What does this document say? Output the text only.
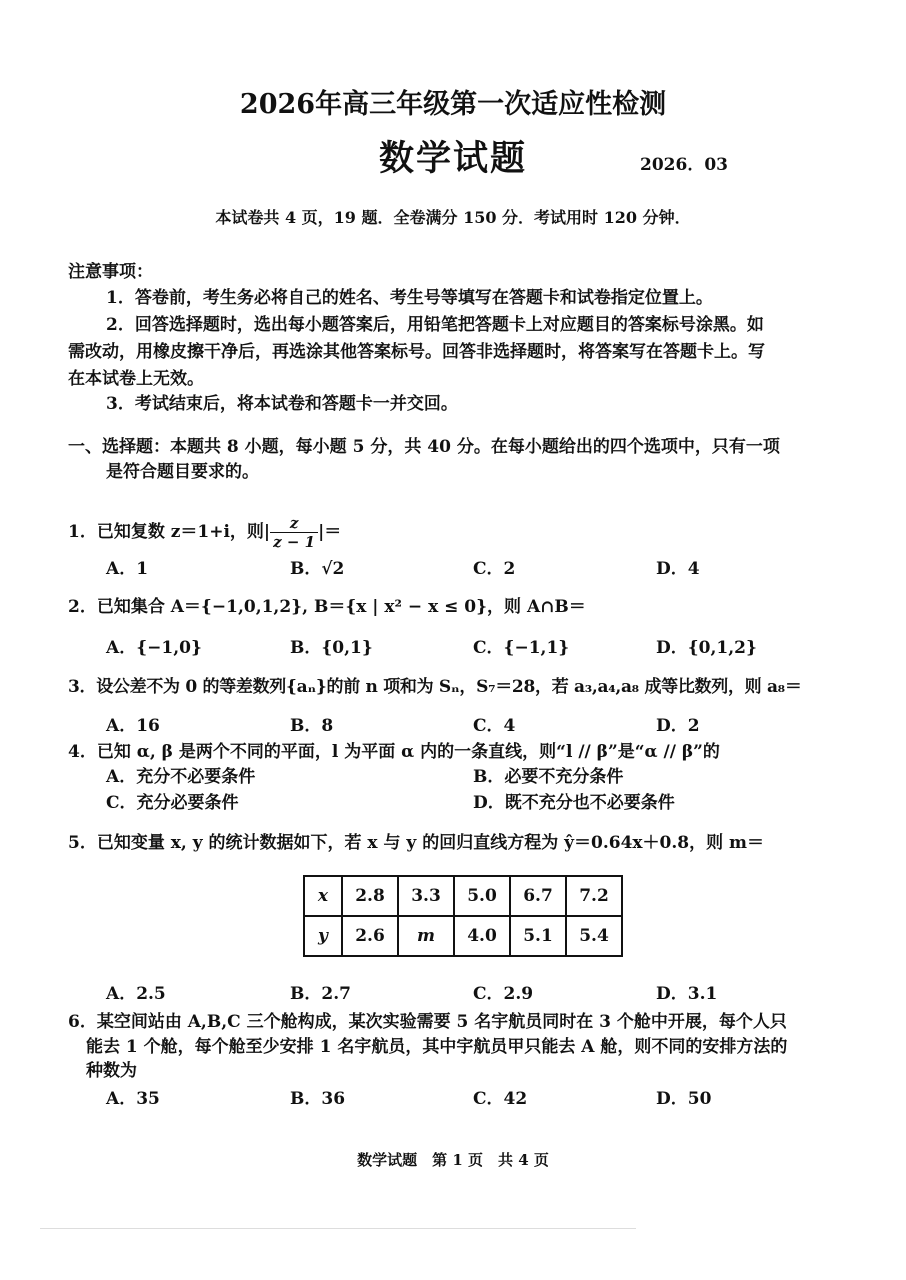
2026年高三年级第一次适应性检测
数学试题	2026．03
本试卷共 4 页，19 题．全卷满分 150 分．考试用时 120 分钟．
注意事项：
1．答卷前，考生务必将自己的姓名、考生号等填写在答题卡和试卷指定位置上。
2．回答选择题时，选出每小题答案后，用铅笔把答题卡上对应题目的答案标号涂黑。如
需改动，用橡皮擦干净后，再选涂其他答案标号。回答非选择题时，将答案写在答题卡上。写
在本试卷上无效。
3．考试结束后，将本试卷和答题卡一并交回。
一、选择题：本题共 8 小题，每小题 5 分，共 40 分。在每小题给出的四个选项中，只有一项
是符合题目要求的。
1．已知复数 z＝1+i，则| $\frac{z}{z - 1}$ |＝
A．1	B．√2	C．2	D．4
2．已知集合 A＝{−1,0,1,2}, B＝{x | x² − x ≤ 0}，则 A∩B＝
A．{−1,0}	B．{0,1}	C．{−1,1}	D．{0,1,2}
3．设公差不为 0 的等差数列{aₙ}的前 n 项和为 Sₙ，S₇＝28，若 a₃,a₄,a₈ 成等比数列，则 a₈＝
A．16	B．8	C．4	D．2
4．已知 α, β 是两个不同的平面，l 为平面 α 内的一条直线，则“l // β”是“α // β”的
A．充分不必要条件	B．必要不充分条件
C．充分必要条件	D．既不充分也不必要条件
5．已知变量 x, y 的统计数据如下，若 x 与 y 的回归直线方程为 ŷ＝0.64x＋0.8，则 m＝
x	2.8	3.3	5.0	6.7	7.2
y	2.6	m	4.0	5.1	5.4
A．2.5	B．2.7	C．2.9	D．3.1
6．某空间站由 A,B,C 三个舱构成，某次实验需要 5 名宇航员同时在 3 个舱中开展，每个人只
能去 1 个舱，每个舱至少安排 1 名宇航员，其中宇航员甲只能去 A 舱，则不同的安排方法的
种数为
A．35	B．36	C．42	D．50
数学试题　第 1 页　共 4 页
